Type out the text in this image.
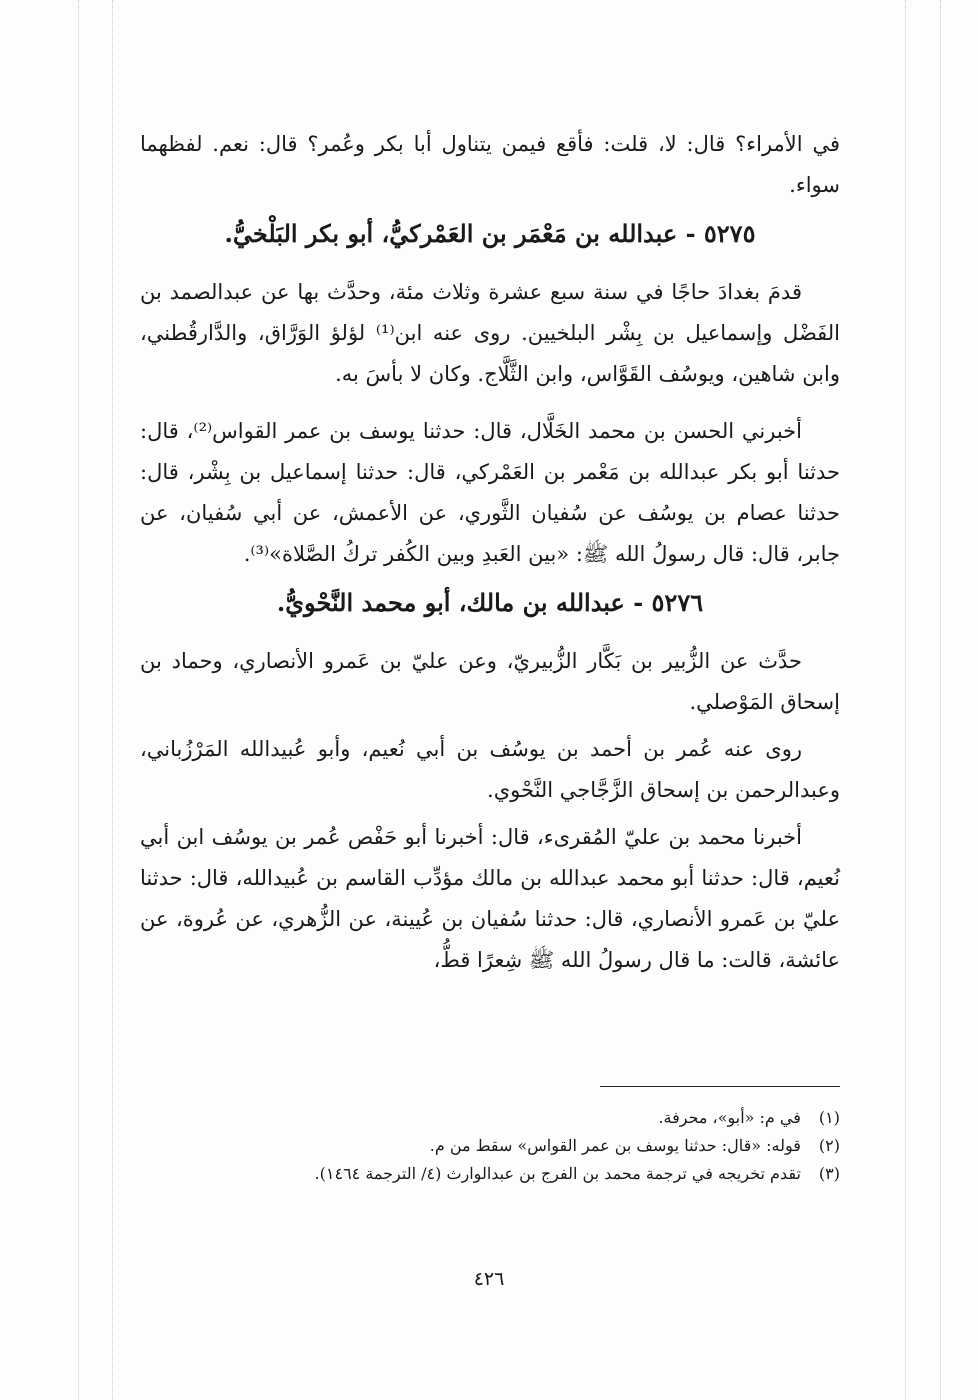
في الأمراء؟ قال: لا، قلت: فأقع فيمن يتناول أبا بكر وعُمر؟ قال: نعم. لفظهما سواء.

٥٢٧٥ - عبدالله بن مَعْمَر بن العَمْركيُّ، أبو بكر البَلْخيُّ.

قدمَ بغدادَ حاجًا في سنة سبع عشرة وثلاث مئة، وحدَّث بها عن عبدالصمد بن الفَضْل وإسماعيل بن بِشْر البلخيين. روى عنه ابن⁽¹⁾ لؤلؤ الوَرَّاق، والدَّارقُطني، وابن شاهين، ويوسُف القَوَّاس، وابن الثَّلَّاج. وكان لا بأسَ به.

أخبرني الحسن بن محمد الخَلَّال، قال: حدثنا يوسف بن عمر القواس⁽²⁾، قال: حدثنا أبو بكر عبدالله بن مَعْمر بن العَمْركي، قال: حدثنا إسماعيل بن بِشْر، قال: حدثنا عصام بن يوسُف عن سُفيان الثَّوري، عن الأعمش، عن أبي سُفيان، عن جابر، قال: قال رسولُ الله ﷺ: «بين العَبدِ وبين الكُفر تركُ الصَّلاة»⁽³⁾.

٥٢٧٦ - عبدالله بن مالك، أبو محمد النَّحْويُّ.

حدَّث عن الزُّبير بن بَكَّار الزُّبيريّ، وعن عليّ بن عَمرو الأنصاري، وحماد بن إسحاق المَوْصلي.

روى عنه عُمر بن أحمد بن يوسُف بن أبي نُعيم، وأبو عُبيدالله المَرْزُباني، وعبدالرحمن بن إسحاق الزَّجَّاجي النَّحْوي.

أخبرنا محمد بن عليّ المُقرىء، قال: أخبرنا أبو حَفْص عُمر بن يوسُف ابن أبي نُعيم، قال: حدثنا أبو محمد عبدالله بن مالك مؤدِّب القاسم بن عُبيدالله، قال: حدثنا عليّ بن عَمرو الأنصاري، قال: حدثنا سُفيان بن عُيينة، عن الزُّهري، عن عُروة، عن عائشة، قالت: ما قال رسولُ الله ﷺ شِعرًا قطُّ،

(١) في م: «أبو»، محرفة.

(٢) قوله: «قال: حدثنا يوسف بن عمر القواس» سقط من م.

(٣) تقدم تخريجه في ترجمة محمد بن الفرج بن عبدالوارث (٤/ الترجمة ١٤٦٤).

٤٢٦
